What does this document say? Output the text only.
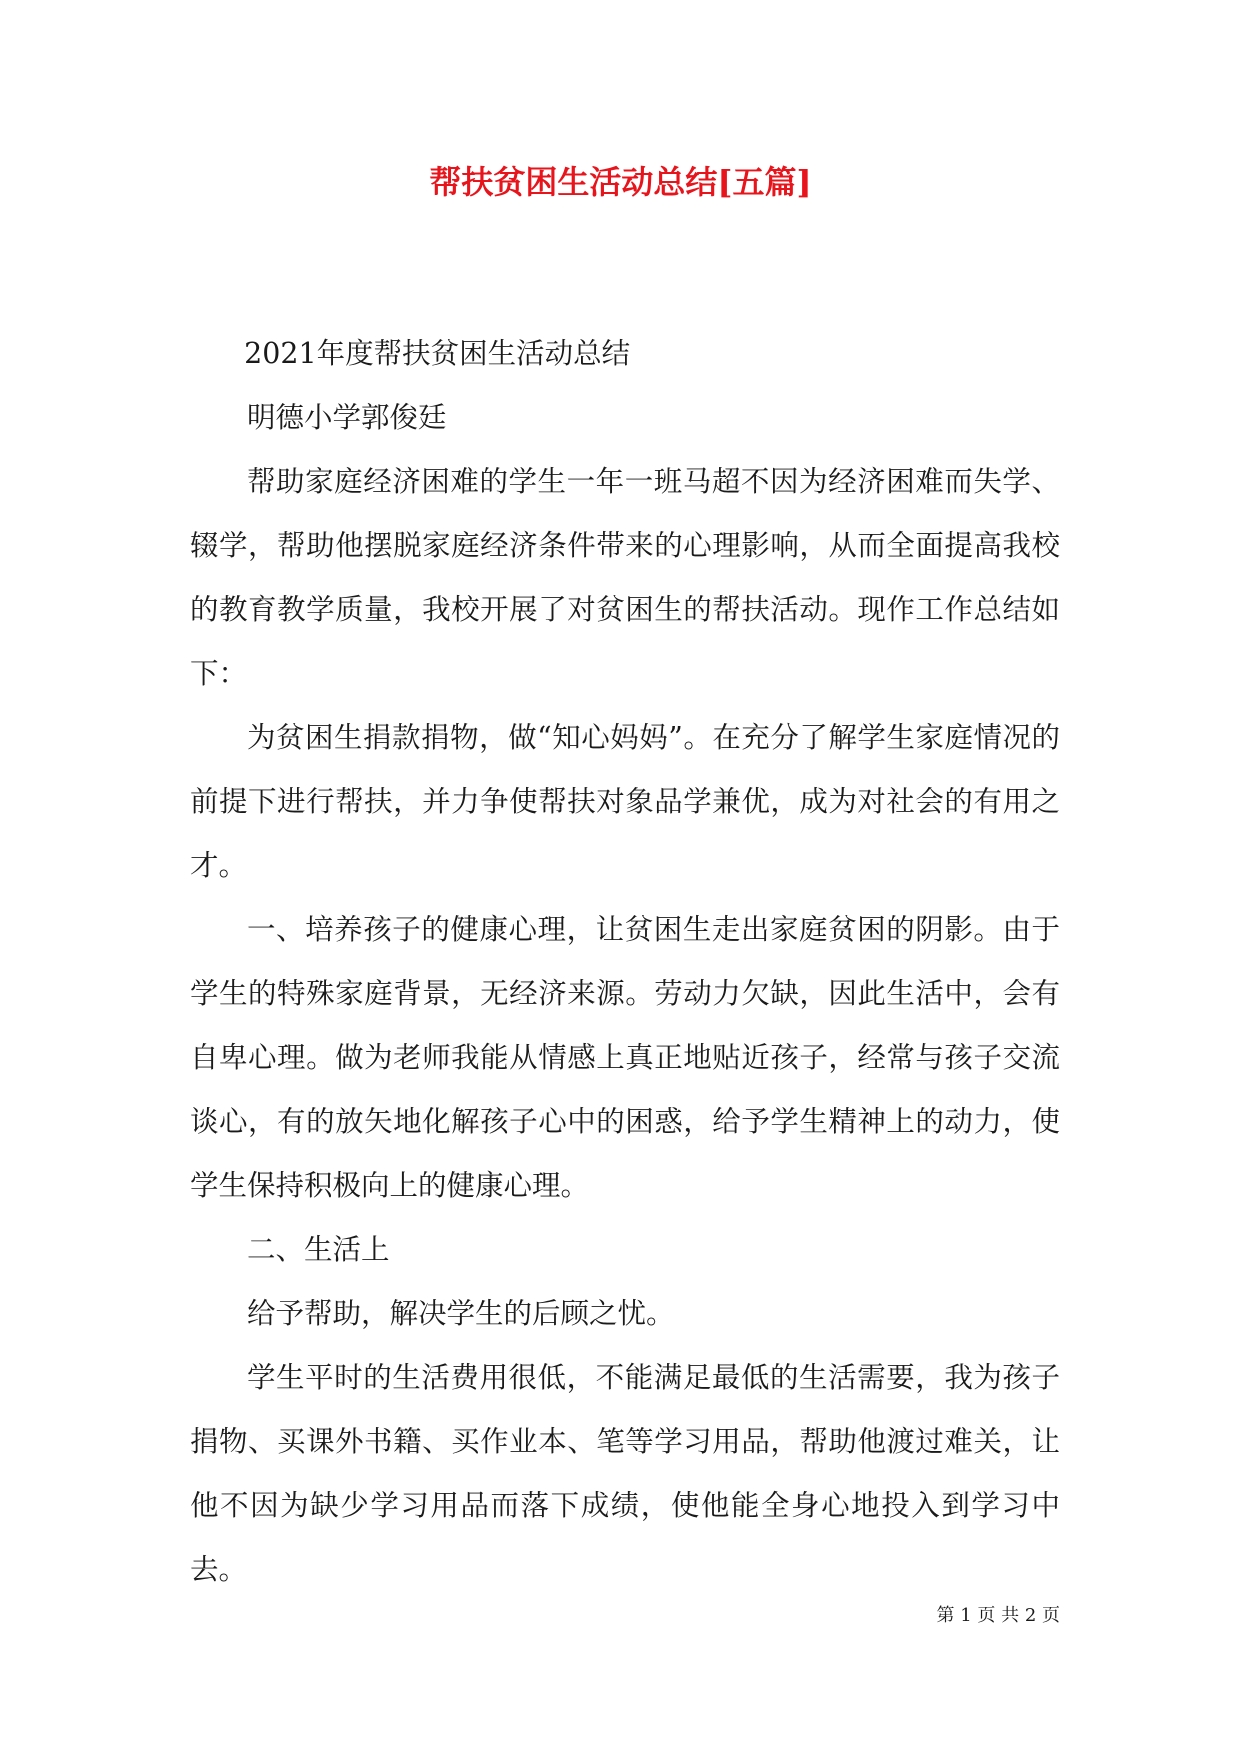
帮扶贫困生活动总结[五篇]

2021年度帮扶贫困生活动总结

明德小学郭俊廷

帮助家庭经济困难的学生一年一班马超不因为经济困难而失学、辍学，帮助他摆脱家庭经济条件带来的心理影响，从而全面提高我校的教育教学质量，我校开展了对贫困生的帮扶活动。现作工作总结如下：

为贫困生捐款捐物，做“知心妈妈”。在充分了解学生家庭情况的前提下进行帮扶，并力争使帮扶对象品学兼优，成为对社会的有用之才。

一、培养孩子的健康心理，让贫困生走出家庭贫困的阴影。由于学生的特殊家庭背景，无经济来源。劳动力欠缺，因此生活中，会有自卑心理。做为老师我能从情感上真正地贴近孩子，经常与孩子交流谈心，有的放矢地化解孩子心中的困惑，给予学生精神上的动力，使学生保持积极向上的健康心理。

二、生活上

给予帮助，解决学生的后顾之忧。

学生平时的生活费用很低，不能满足最低的生活需要，我为孩子捐物、买课外书籍、买作业本、笔等学习用品，帮助他渡过难关，让他不因为缺少学习用品而落下成绩，使他能全身心地投入到学习中去。

第 1 页 共 2 页
